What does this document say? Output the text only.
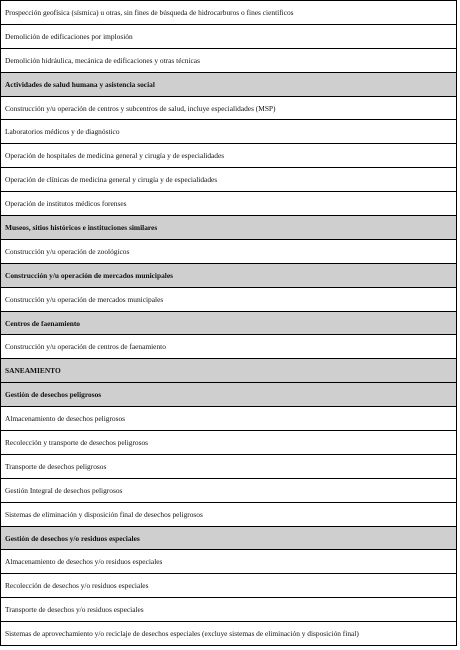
Prospección geofísica (sísmica) u otras, sin fines de búsqueda de hidrocarburos o fines científicos
Demolición de edificaciones por implosión
Demolición hidráulica, mecánica de edificaciones y otras técnicas
Actividades de salud humana y asistencia social
Construcción y/u operación de centros y subcentros de salud, incluye especialidades (MSP)
Laboratorios médicos y de diagnóstico
Operación de hospitales de medicina general y cirugía y de especialidades
Operación de clínicas de medicina general y cirugía y de especialidades
Operación de institutos médicos forenses
Museos, sitios históricos e instituciones similares
Construcción y/u operación de zoológicos
Construcción y/u operación de mercados municipales
Construcción y/u operación de mercados municipales
Centros de faenamiento
Construcción y/u operación de centros de faenamiento
SANEAMIENTO
Gestión de desechos peligrosos
Almacenamiento de desechos peligrosos
Recolección y transporte de desechos peligrosos
Transporte de desechos peligrosos
Gestión Integral de desechos peligrosos
Sistemas de eliminación y disposición final de desechos peligrosos
Gestión de desechos y/o residuos especiales
Almacenamiento de desechos y/o residuos especiales
Recolección de desechos y/o residuos especiales
Transporte de desechos y/o residuos especiales
Sistemas de aprovechamiento y/o reciclaje de desechos especiales (excluye sistemas de eliminación y disposición final)
